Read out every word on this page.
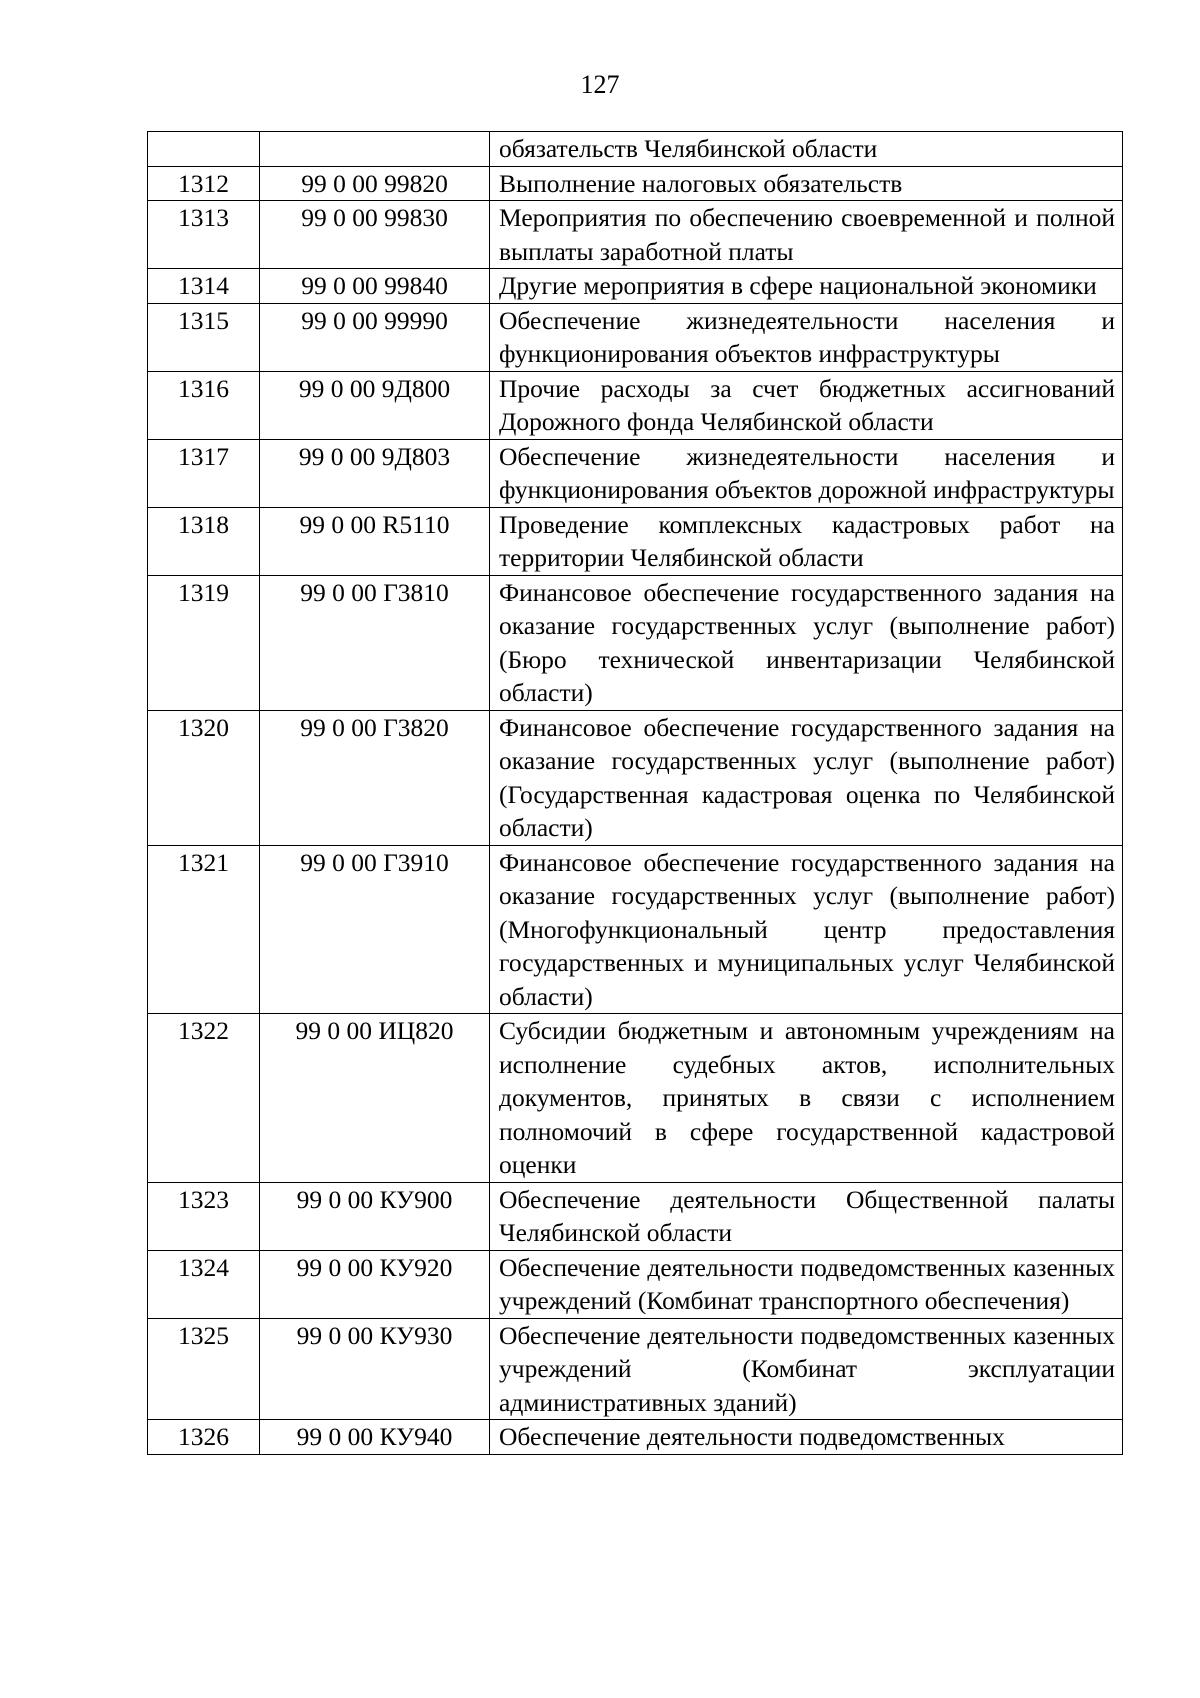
127
		обязательств Челябинской области
1312	99 0 00 99820	Выполнение налоговых обязательств
1313	99 0 00 99830	Мероприятия по обеспечению своевременной и полной выплаты заработной платы
1314	99 0 00 99840	Другие мероприятия в сфере национальной экономики
1315	99 0 00 99990	Обеспечение жизнедеятельности населения и функционирования объектов инфраструктуры
1316	99 0 00 9Д800	Прочие расходы за счет бюджетных ассигнований Дорожного фонда Челябинской области
1317	99 0 00 9Д803	Обеспечение жизнедеятельности населения и функционирования объектов дорожной инфраструктуры
1318	99 0 00 R5110	Проведение комплексных кадастровых работ на территории Челябинской области
1319	99 0 00 Г3810	Финансовое обеспечение государственного задания на оказание государственных услуг (выполнение работ) (Бюро технической инвентаризации Челябинской области)
1320	99 0 00 Г3820	Финансовое обеспечение государственного задания на оказание государственных услуг (выполнение работ) (Государственная кадастровая оценка по Челябинской области)
1321	99 0 00 Г3910	Финансовое обеспечение государственного задания на оказание государственных услуг (выполнение работ) (Многофункциональный центр предоставления государственных и муниципальных услуг Челябинской области)
1322	99 0 00 ИЦ820	Субсидии бюджетным и автономным учреждениям на исполнение судебных актов, исполнительных документов, принятых в связи с исполнением полномочий в сфере государственной кадастровой оценки
1323	99 0 00 КУ900	Обеспечение деятельности Общественной палаты Челябинской области
1324	99 0 00 КУ920	Обеспечение деятельности подведомственных казенных учреждений (Комбинат транспортного обеспечения)
1325	99 0 00 КУ930	Обеспечение деятельности подведомственных казенных учреждений (Комбинат эксплуатации административных зданий)
1326	99 0 00 КУ940	Обеспечение деятельности подведомственных
